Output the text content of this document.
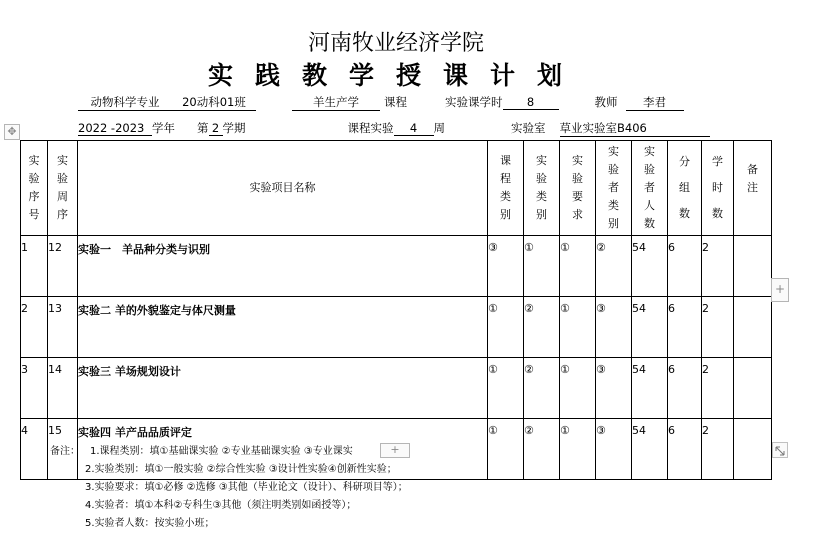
河南牧业经济学院
实践教学授课计划
动物科学专业 20动科01班	羊生产学 课程	实验课学时 8	教师 李君
2022 -2023 学年 第 2 学期	课程实验 4 周	实验室 草业实验室B406
✥
实验序号	实验周序	实验项目名称	课程类别	实验类别	实验要求	实验者类别	实验者人数	分组数	学时数	备注
1	12	实验一　羊品种分类与识别	③	①	①	②	54	6	2	
2	13	实验二 羊的外貌鉴定与体尺测量	①	②	①	③	54	6	2	
3	14	实验三 羊场规划设计	①	②	①	③	54	6	2	
4	15	实验四 羊产品品质评定	①	②	①	③	54	6	2	
+
备注： 1.课程类别：填①基础课实验 ②专业基础课实验 ③专业课实
2.实验类别：填①一般实验 ②综合性实验 ③设计性实验④创新性实验；
3.实验要求：填①必修 ②选修 ③其他（毕业论文（设计）、科研项目等）；
4.实验者：填①本科②专科生③其他（须注明类别如函授等）；
5.实验者人数：按实验小班；
+
